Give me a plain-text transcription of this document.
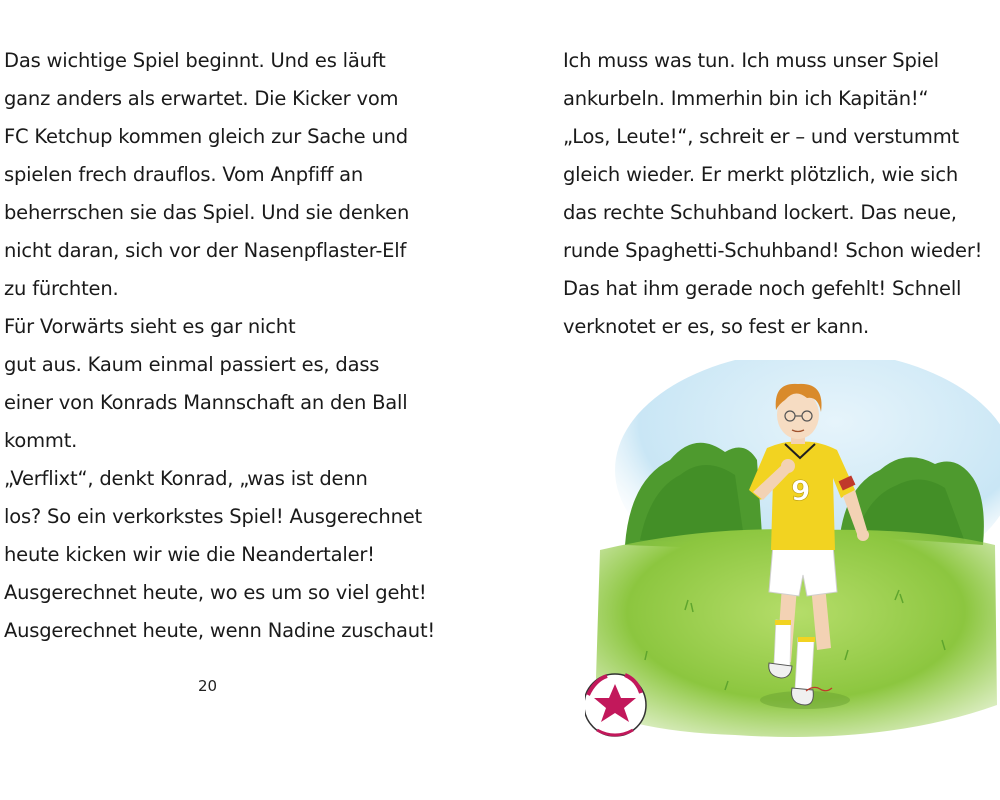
Das wichtige Spiel beginnt. Und es läuft
ganz anders als erwartet. Die Kicker vom
FC Ketchup kommen gleich zur Sache und
spielen frech drauflos. Vom Anpfiff an
beherrschen sie das Spiel. Und sie denken
nicht daran, sich vor der Nasenpflaster-Elf
zu fürchten.
Für Vorwärts sieht es gar nicht
gut aus. Kaum einmal passiert es, dass
einer von Konrads Mannschaft an den Ball
kommt.
„Verflixt“, denkt Konrad, „was ist denn
los? So ein verkorkstes Spiel! Ausgerechnet
heute kicken wir wie die Neandertaler!
Ausgerechnet heute, wo es um so viel geht!
Ausgerechnet heute, wenn Nadine zuschaut!
20
Ich muss was tun. Ich muss unser Spiel
ankurbeln. Immerhin bin ich Kapitän!“
„Los, Leute!“, schreit er – und verstummt
gleich wieder. Er merkt plötzlich, wie sich
das rechte Schuhband lockert. Das neue,
runde Spaghetti-Schuhband! Schon wieder!
Das hat ihm gerade noch gefehlt! Schnell
verknotet er es, so fest er kann.
9
